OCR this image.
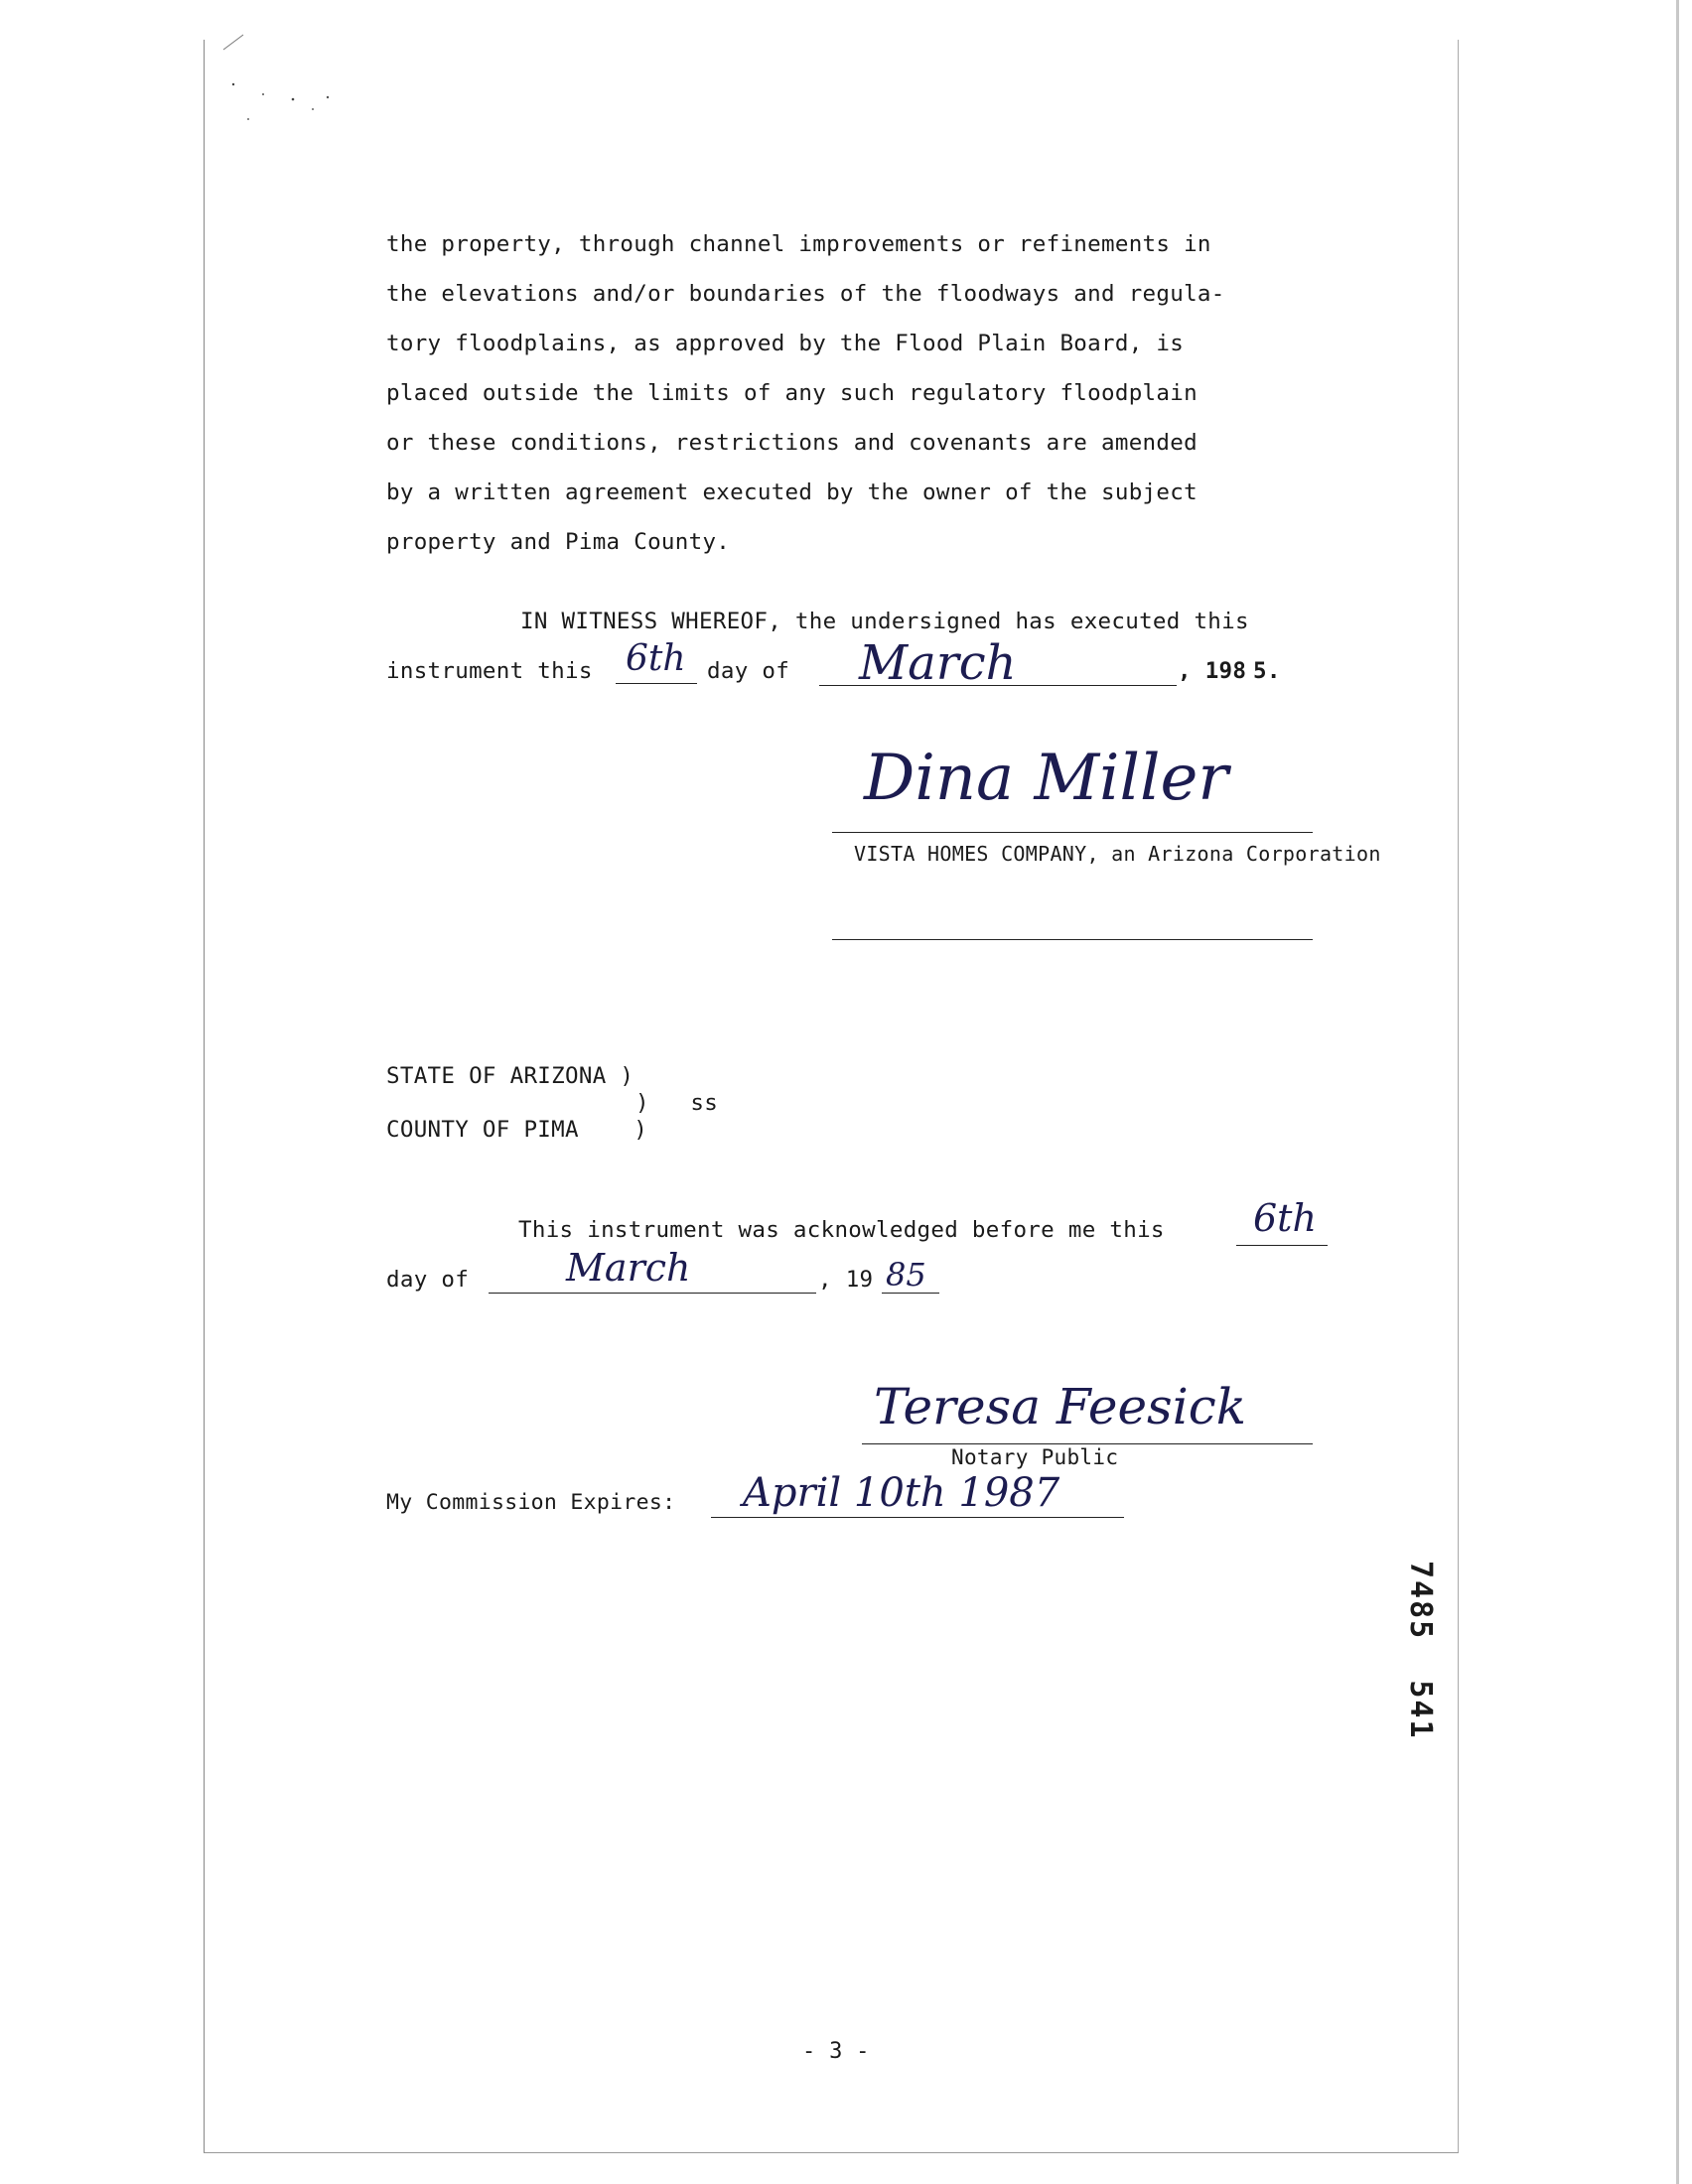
the property, through channel improvements or refinements in
the elevations and/or boundaries of the floodways and regula-
tory floodplains, as approved by the Flood Plain Board, is
placed outside the limits of any such regulatory floodplain
or these conditions, restrictions and covenants are amended
by a written agreement executed by the owner of the subject
property and Pima County.
IN WITNESS WHEREOF, the undersigned has executed this
instrument this 6th day of March	, 198 5.
Dina Miller
VISTA HOMES COMPANY, an Arizona Corporation
STATE OF ARIZONA )
)   ss
COUNTY OF PIMA    )
This instrument was acknowledged before me this 6th
day of	March	, 19 85
Teresa Feesick
Notary Public
My Commission Expires: April 10th 1987
7485  541
- 3 -
